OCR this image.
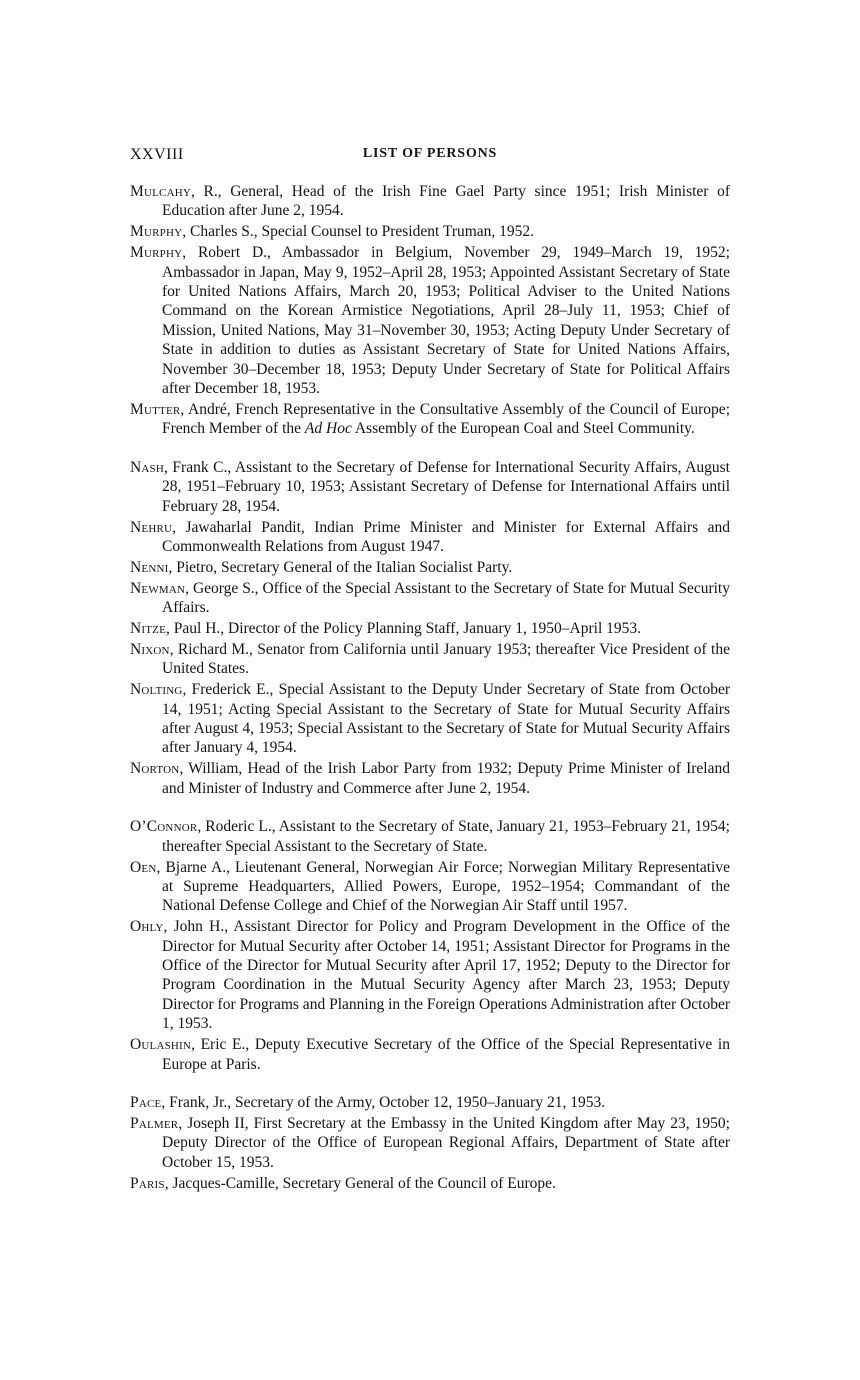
XXVIII	LIST OF PERSONS

Mulcahy, R., General, Head of the Irish Fine Gael Party since 1951; Irish Minister of Education after June 2, 1954.

Murphy, Charles S., Special Counsel to President Truman, 1952.

Murphy, Robert D., Ambassador in Belgium, November 29, 1949–March 19, 1952; Ambassador in Japan, May 9, 1952–April 28, 1953; Appointed Assistant Secretary of State for United Nations Affairs, March 20, 1953; Political Adviser to the United Nations Command on the Korean Armistice Negotiations, April 28–July 11, 1953; Chief of Mission, United Nations, May 31–November 30, 1953; Acting Deputy Under Secretary of State in addition to duties as Assistant Secretary of State for United Nations Affairs, November 30–December 18, 1953; Deputy Under Secretary of State for Political Affairs after December 18, 1953.

Mutter, André, French Representative in the Consultative Assembly of the Council of Europe; French Member of the Ad Hoc Assembly of the European Coal and Steel Community.

Nash, Frank C., Assistant to the Secretary of Defense for International Security Affairs, August 28, 1951–February 10, 1953; Assistant Secretary of Defense for International Affairs until February 28, 1954.

Nehru, Jawaharlal Pandit, Indian Prime Minister and Minister for External Affairs and Commonwealth Relations from August 1947.

Nenni, Pietro, Secretary General of the Italian Socialist Party.

Newman, George S., Office of the Special Assistant to the Secretary of State for Mutual Security Affairs.

Nitze, Paul H., Director of the Policy Planning Staff, January 1, 1950–April 1953.

Nixon, Richard M., Senator from California until January 1953; thereafter Vice President of the United States.

Nolting, Frederick E., Special Assistant to the Deputy Under Secretary of State from October 14, 1951; Acting Special Assistant to the Secretary of State for Mutual Security Affairs after August 4, 1953; Special Assistant to the Secretary of State for Mutual Security Affairs after January 4, 1954.

Norton, William, Head of the Irish Labor Party from 1932; Deputy Prime Minister of Ireland and Minister of Industry and Commerce after June 2, 1954.

O’Connor, Roderic L., Assistant to the Secretary of State, January 21, 1953–February 21, 1954; thereafter Special Assistant to the Secretary of State.

Oen, Bjarne A., Lieutenant General, Norwegian Air Force; Norwegian Military Representative at Supreme Headquarters, Allied Powers, Europe, 1952–1954; Commandant of the National Defense College and Chief of the Norwegian Air Staff until 1957.

Ohly, John H., Assistant Director for Policy and Program Development in the Office of the Director for Mutual Security after October 14, 1951; Assistant Director for Programs in the Office of the Director for Mutual Security after April 17, 1952; Deputy to the Director for Program Coordination in the Mutual Security Agency after March 23, 1953; Deputy Director for Programs and Planning in the Foreign Operations Administration after October 1, 1953.

Oulashin, Eric E., Deputy Executive Secretary of the Office of the Special Representative in Europe at Paris.

Pace, Frank, Jr., Secretary of the Army, October 12, 1950–January 21, 1953.

Palmer, Joseph II, First Secretary at the Embassy in the United Kingdom after May 23, 1950; Deputy Director of the Office of European Regional Affairs, Department of State after October 15, 1953.

Paris, Jacques-Camille, Secretary General of the Council of Europe.
